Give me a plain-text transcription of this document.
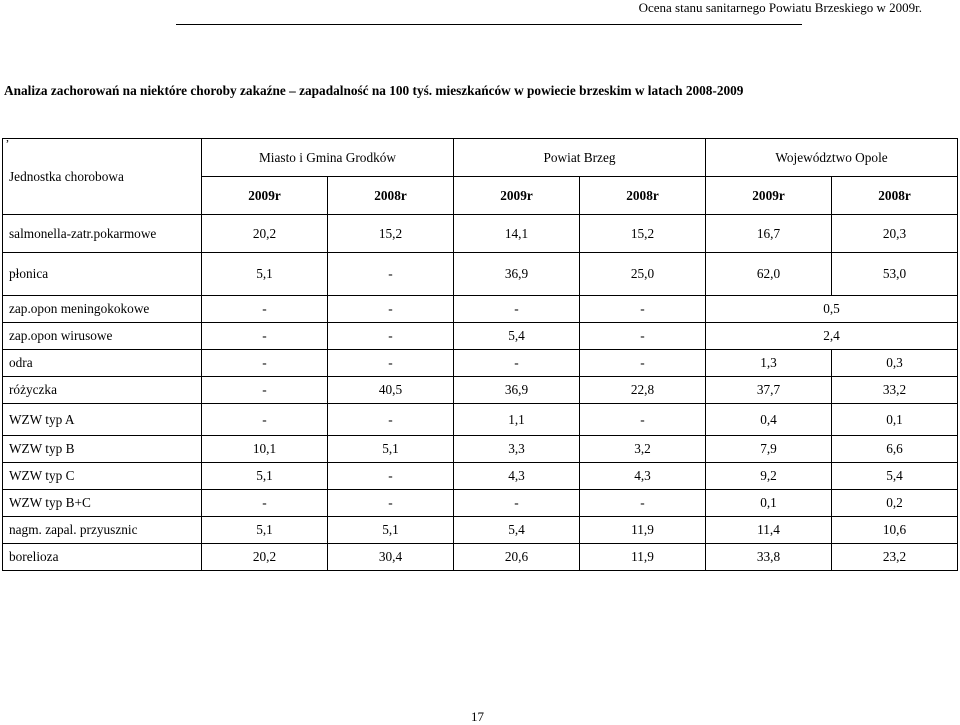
Ocena stanu sanitarnego Powiatu Brzeskiego w 2009r.
Analiza zachorowań na niektóre choroby zakaźne – zapadalność na 100 tyś. mieszkańców w powiecie brzeskim w latach 2008-2009
,
Jednostka chorobowa	Miasto i Gmina Grodków		Powiat Brzeg		Województwo Opole	
	2009r	2008r	2009r	2008r	2009r	2008r
salmonella-zatr.pokarmowe	20,2	15,2	14,1	15,2	16,7	20,3
płonica	5,1	-	36,9	25,0	62,0	53,0
zap.opon meningokokowe	-	-	-	-	0,5	
zap.opon wirusowe	-	-	5,4	-	2,4	
odra	-	-	-	-	1,3	0,3
różyczka	-	40,5	36,9	22,8	37,7	33,2
WZW typ A	-	-	1,1	-	0,4	0,1
WZW typ B	10,1	5,1	3,3	3,2	7,9	6,6
WZW typ C	5,1	-	4,3	4,3	9,2	5,4
WZW typ B+C	-	-	-	-	0,1	0,2
nagm. zapal. przyusznic	5,1	5,1	5,4	11,9	11,4	10,6
borelioza	20,2	30,4	20,6	11,9	33,8	23,2
17
